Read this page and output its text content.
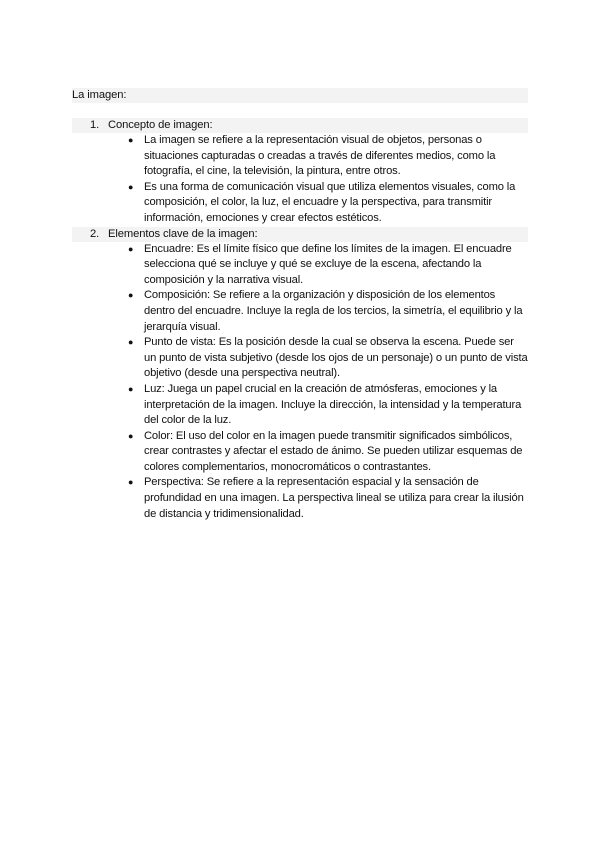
La imagen:
1. Concepto de imagen:
● La imagen se refiere a la representación visual de objetos, personas o situaciones capturadas o creadas a través de diferentes medios, como la fotografía, el cine, la televisión, la pintura, entre otros.
● Es una forma de comunicación visual que utiliza elementos visuales, como la composición, el color, la luz, el encuadre y la perspectiva, para transmitir información, emociones y crear efectos estéticos.
2. Elementos clave de la imagen:
● Encuadre: Es el límite físico que define los límites de la imagen. El encuadre selecciona qué se incluye y qué se excluye de la escena, afectando la composición y la narrativa visual.
● Composición: Se refiere a la organización y disposición de los elementos dentro del encuadre. Incluye la regla de los tercios, la simetría, el equilibrio y la jerarquía visual.
● Punto de vista: Es la posición desde la cual se observa la escena. Puede ser un punto de vista subjetivo (desde los ojos de un personaje) o un punto de vista objetivo (desde una perspectiva neutral).
● Luz: Juega un papel crucial en la creación de atmósferas, emociones y la interpretación de la imagen. Incluye la dirección, la intensidad y la temperatura del color de la luz.
● Color: El uso del color en la imagen puede transmitir significados simbólicos, crear contrastes y afectar el estado de ánimo. Se pueden utilizar esquemas de colores complementarios, monocromáticos o contrastantes.
● Perspectiva: Se refiere a la representación espacial y la sensación de profundidad en una imagen. La perspectiva lineal se utiliza para crear la ilusión de distancia y tridimensionalidad.
